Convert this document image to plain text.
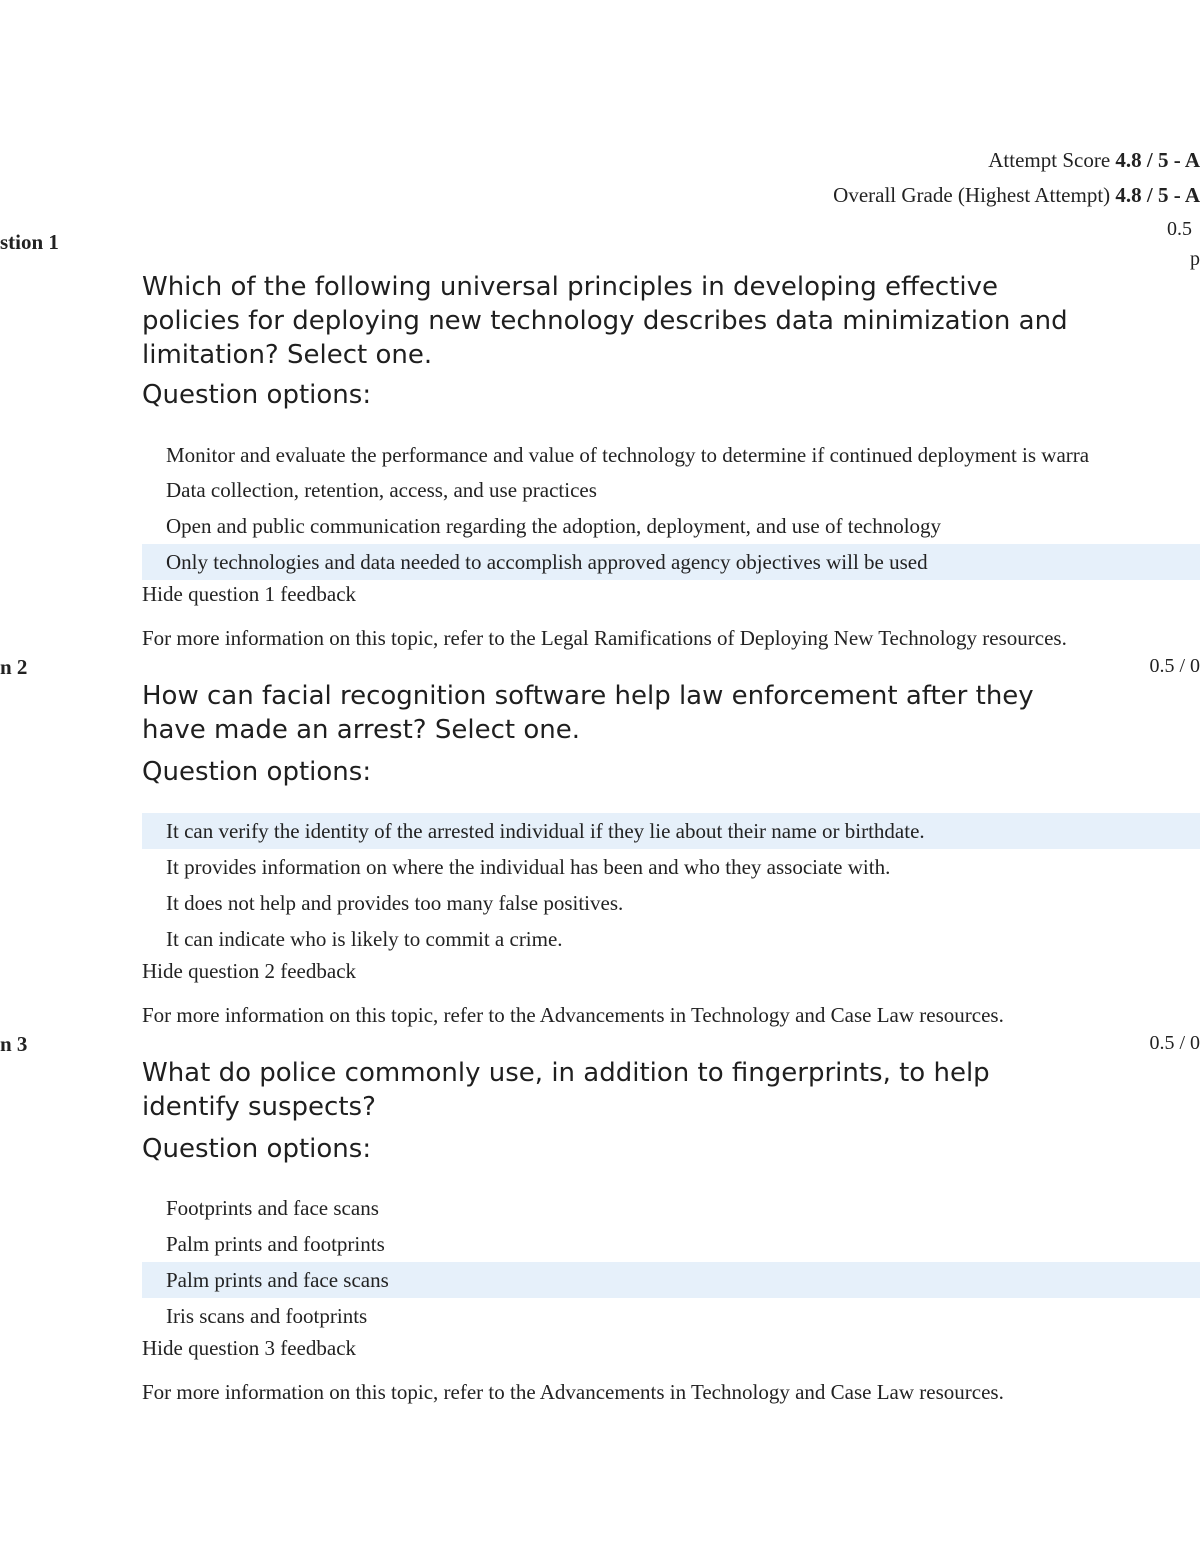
Attempt Score 4.8 / 5 - A
Overall Grade (Highest Attempt) 4.8 / 5 - A
stion 1
0.5
p
Which of the following universal principles in developing effective policies for deploying new technology describes data minimization and limitation? Select one.
Question options:
Monitor and evaluate the performance and value of technology to determine if continued deployment is warra
Data collection, retention, access, and use practices
Open and public communication regarding the adoption, deployment, and use of technology
Only technologies and data needed to accomplish approved agency objectives will be used
Hide question 1 feedback
For more information on this topic, refer to the Legal Ramifications of Deploying New Technology resources.
n 2	0.5 / 0
How can facial recognition software help law enforcement after they have made an arrest? Select one.
Question options:
It can verify the identity of the arrested individual if they lie about their name or birthdate.
It provides information on where the individual has been and who they associate with.
It does not help and provides too many false positives.
It can indicate who is likely to commit a crime.
Hide question 2 feedback
For more information on this topic, refer to the Advancements in Technology and Case Law resources.
n 3	0.5 / 0
What do police commonly use, in addition to fingerprints, to help identify suspects?
Question options:
Footprints and face scans
Palm prints and footprints
Palm prints and face scans
Iris scans and footprints
Hide question 3 feedback
For more information on this topic, refer to the Advancements in Technology and Case Law resources.
